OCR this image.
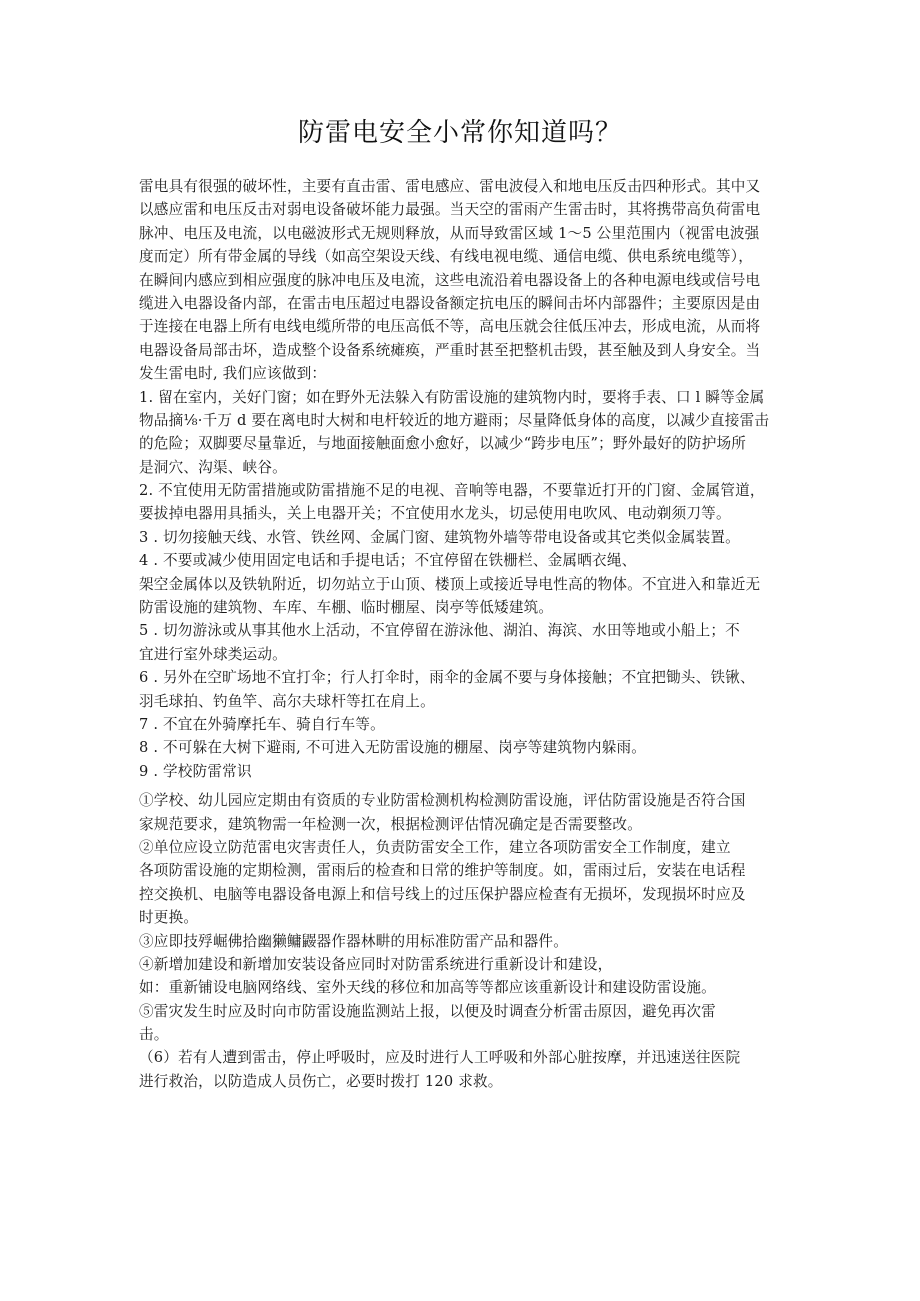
防雷电安全小常你知道吗？
雷电具有很强的破坏性，主要有直击雷、雷电感应、雷电波侵入和地电压反击四种形式。其中又
以感应雷和电压反击对弱电设备破坏能力最强。当天空的雷雨产生雷击时，其将携带高负荷雷电
脉冲、电压及电流，以电磁波形式无规则释放，从而导致雷区域 1〜5 公里范围内（视雷电波强
度而定）所有带金属的导线（如高空架设天线、有线电视电缆、通信电缆、供电系统电缆等），
在瞬间内感应到相应强度的脉冲电压及电流，这些电流沿着电器设备上的各种电源电线或信号电
缆进入电器设备内部，在雷击电压超过电器设备额定抗电压的瞬间击坏内部器件；主要原因是由
于连接在电器上所有电线电缆所带的电压高低不等，高电压就会往低压冲去，形成电流，从而将
电器设备局部击坏，造成整个设备系统瘫痪，严重时甚至把整机击毁，甚至触及到人身安全。当
发生雷电时, 我们应该做到：
1. 留在室内，关好门窗；如在野外无法躲入有防雷设施的建筑物内时，要将手表、口 l 瞬等金属
物品摘⅛·千万 d 要在离电时大树和电杆较近的地方避雨；尽量降低身体的高度，以减少直接雷击
的危险；双脚要尽量靠近，与地面接触面愈小愈好，以减少“跨步电压”；野外最好的防护场所
是洞穴、沟渠、峡谷。
2. 不宜使用无防雷措施或防雷措施不足的电视、音响等电器，不要靠近打开的门窗、金属管道，
要拔掉电器用具插头，关上电器开关；不宜使用水龙头，切忌使用电吹风、电动剃须刀等。
3 . 切勿接触天线、水管、铁丝网、金属门窗、建筑物外墙等带电设备或其它类似金属装置。
4 . 不要或减少使用固定电话和手提电话；不宜停留在铁栅栏、金属晒衣绳、
架空金属体以及铁轨附近，切勿站立于山顶、楼顶上或接近导电性高的物体。不宜进入和靠近无
防雷设施的建筑物、车库、车棚、临时棚屋、岗亭等低矮建筑。
5 . 切勿游泳或从事其他水上活动，不宜停留在游泳他、湖泊、海滨、水田等地或小船上；不
宜进行室外球类运动。
6 . 另外在空旷场地不宜打伞；行人打伞时，雨伞的金属不要与身体接触；不宜把锄头、铁锹、
羽毛球拍、钓鱼竿、高尔夫球杆等扛在肩上。
7 . 不宜在外骑摩托车、骑自行车等。
8 . 不可躲在大树下避雨, 不可进入无防雷设施的棚屋、岗亭等建筑物内躲雨。
9 . 学校防雷常识
①学校、幼儿园应定期由有资质的专业防雷检测机构检测防雷设施，评估防雷设施是否符合国
家规范要求，建筑物需一年检测一次，根据检测评估情况确定是否需要整改。
②单位应设立防范雷电灾害责任人，负责防雷安全工作，建立各项防雷安全工作制度，建立
各项防雷设施的定期检测，雷雨后的检查和日常的维护等制度。如，雷雨过后，安装在电话程
控交换机、电脑等电器设备电源上和信号线上的过压保护器应检查有无损坏，发现损坏时应及
时更换。
③应即技殍崛佛拾幽獭鳙鼹器作器林畊的用标准防雷产品和器件。
④新增加建设和新增加安装设备应同时对防雷系统进行重新设计和建设，
如：重新铺设电脑网络线、室外天线的移位和加高等等都应该重新设计和建设防雷设施。
⑤雷灾发生时应及时向市防雷设施监测站上报，以便及时调查分析雷击原因，避免再次雷
击。
（6）若有人遭到雷击，停止呼吸时，应及时进行人工呼吸和外部心脏按摩，并迅速送往医院
进行救治，以防造成人员伤亡，必要时拨打 120 求救。
